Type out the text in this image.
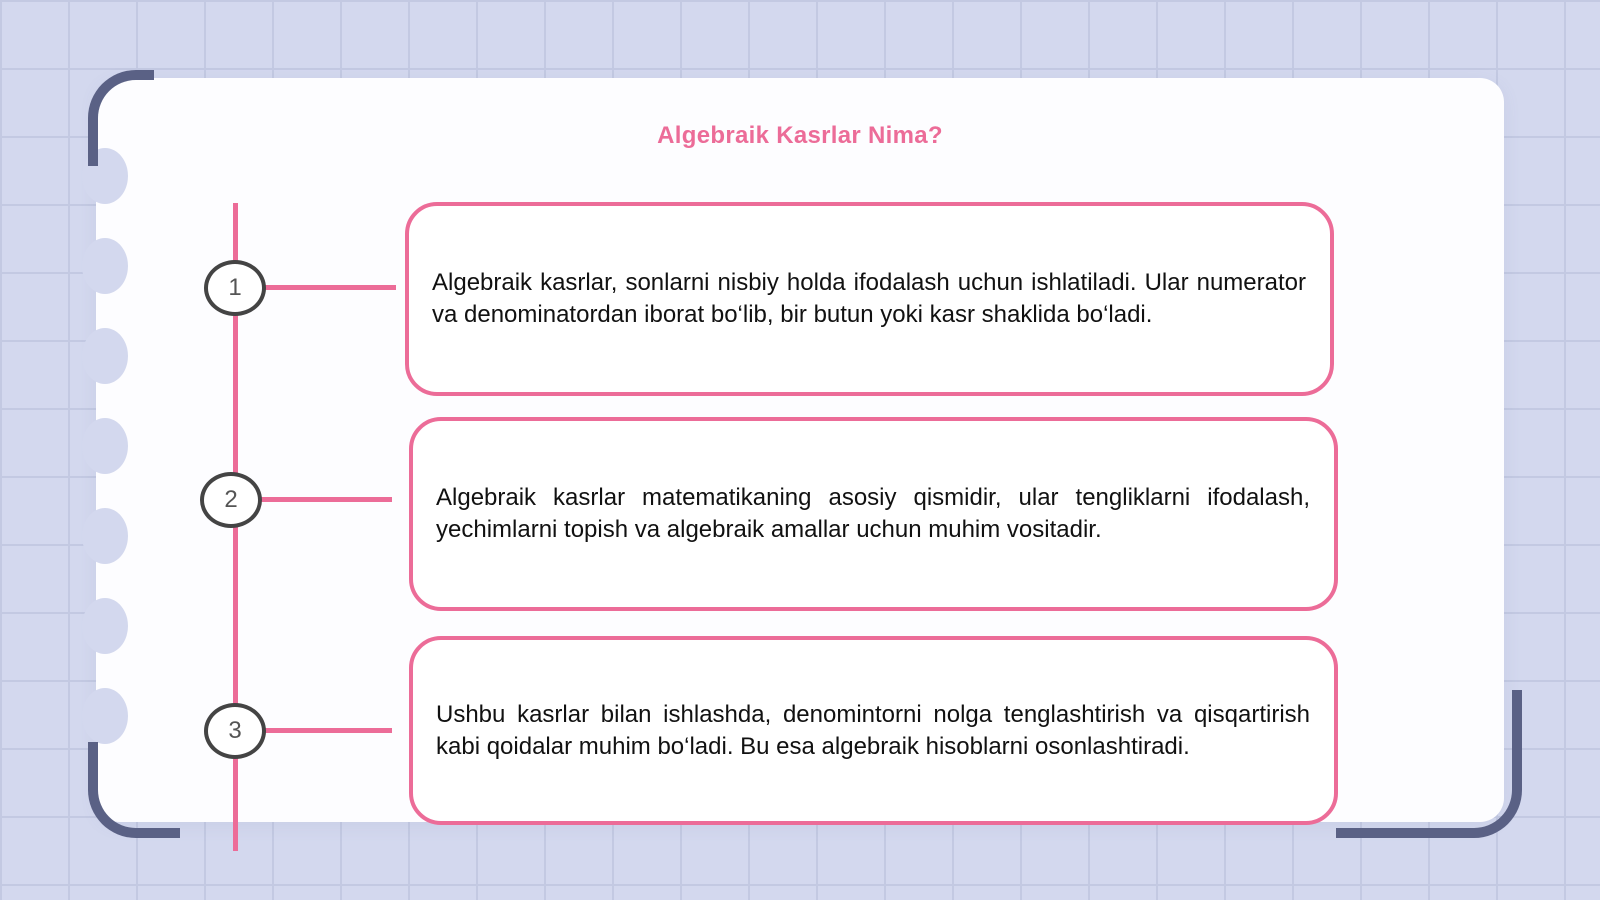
Algebraik Kasrlar Nima?
1
2
3
Algebraik kasrlar, sonlarni nisbiy holda ifodalash uchun ishlatiladi. Ular numerator va denominatordan iborat bo‘lib, bir butun yoki kasr shaklida bo‘ladi.
Algebraik kasrlar matematikaning asosiy qismidir, ular tengliklarni ifodalash, yechimlarni topish va algebraik amallar uchun muhim vositadir.
Ushbu kasrlar bilan ishlashda, denomintorni nolga tenglashtirish va qisqartirish kabi qoidalar muhim bo‘ladi. Bu esa algebraik hisoblarni osonlashtiradi.
